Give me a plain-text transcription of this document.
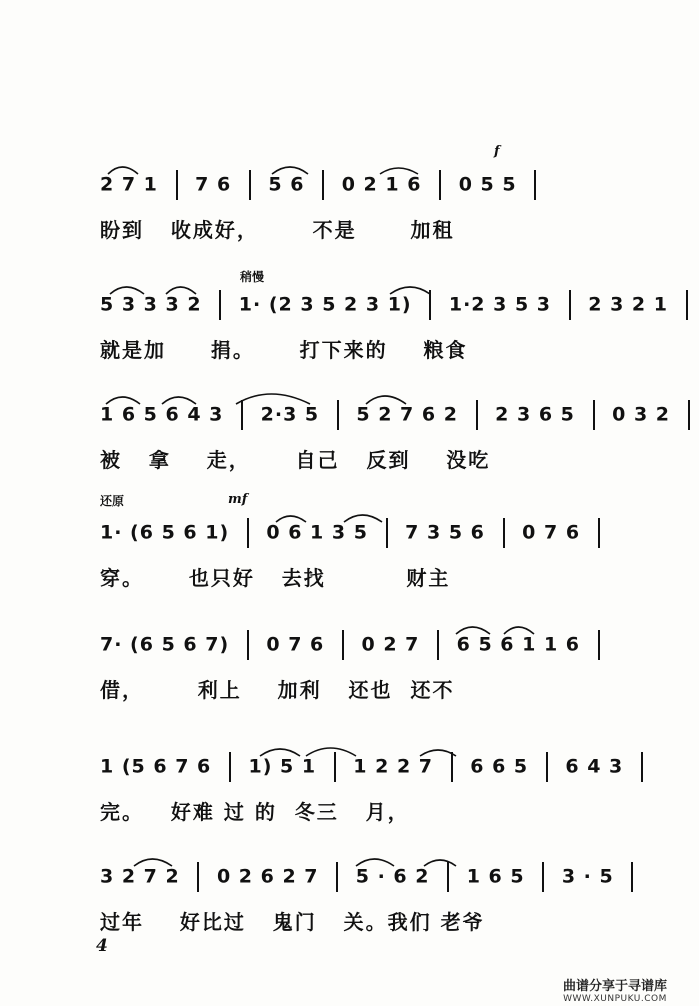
f
2 7 1  7 6  5 6  0 2 1 6  0 5 5
盼到   收成好，      不是      加租
稍慢
5 3 3 3 2  1· (2 3 5 2 3 1)  1·2 3 5 3  2 3 2 1
就是加     捐。     打下来的    粮食
1 6 5 6 4 3  2·3 5  5 2 7 6 2  2 3 6 5  0 3 2
被   拿    走，     自己   反到    没吃
还原	mf
1· (6 5 6 1)  0 6 1 3 5  7 3 5 6  0 7 6
穿。     也只好   去找         财主
7· (6 5 6 7)  0 7 6  0 2 7  6 5 6 1 1 6
借，      利上    加利   还也  还不
1 (5 6 7 6  1) 5 1  1 2 2 7  6 6 5  6 4 3
完。   好难 过 的  冬三   月，
3 2 7 2  0 2 6 2 7  5 · 6 2  1 6 5  3 · 5
过年    好比过   鬼门   关。我们 老爷
4
曲谱分享于寻谱库
WWW.XUNPUKU.COM
